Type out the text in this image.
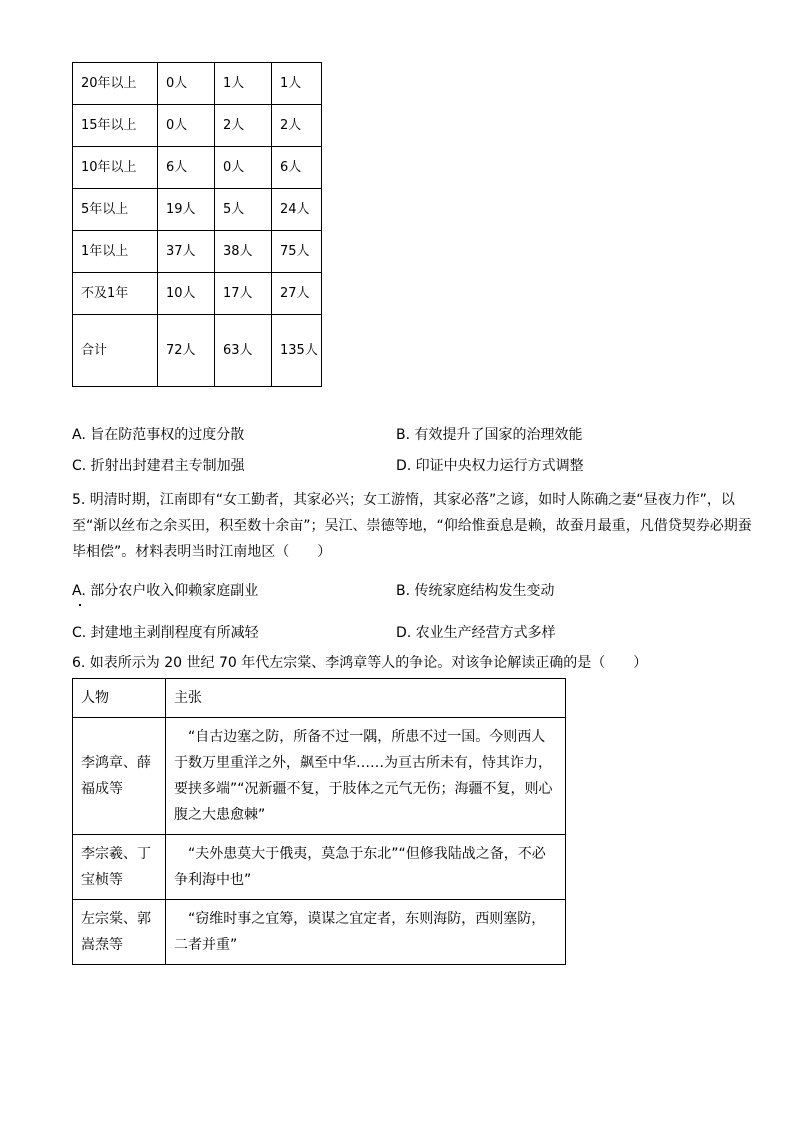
20年以上	0人	1人	1人
15年以上	0人	2人	2人
10年以上	6人	0人	6人
5年以上	19人	5人	24人
1年以上	37人	38人	75人
不及1年	10人	17人	27人
合计	72人	63人	135人
A. 旨在防范事权的过度分散	B. 有效提升了国家的治理效能
C. 折射出封建君主专制加强	D. 印证中央权力运行方式调整
5. 明清时期，江南即有“女工勤者，其家必兴；女工游惰，其家必落”之谚，如时人陈确之妻“昼夜力作”，以至“渐以丝布之余买田，积至数十余亩”；吴江、崇德等地，“仰给惟蚕息是赖，故蚕月最重，凡借贷契券必期蚕毕相偿”。材料表明当时江南地区（　　）
A. 部分农户收入仰赖家庭副业	B. 传统家庭结构发生变动
C. 封建地主剥削程度有所减轻	D. 农业生产经营方式多样
6. 如表所示为 20 世纪 70 年代左宗棠、李鸿章等人的争论。对该争论解读正确的是（　　）
人物	主张
李鸿章、薛福成等	“自古边塞之防，所备不过一隅，所患不过一国。今则西人于数万里重洋之外，飙至中华……为亘古所未有，恃其诈力，要挟多端”“况新疆不复，于肢体之元气无伤；海疆不复，则心腹之大患愈棘”
李宗羲、丁宝桢等	“夫外患莫大于俄夷，莫急于东北”“但修我陆战之备，不必争利海中也”
左宗棠、郭嵩焘等	“窃维时事之宜筹，谟谋之宜定者，东则海防，西则塞防，二者并重”
